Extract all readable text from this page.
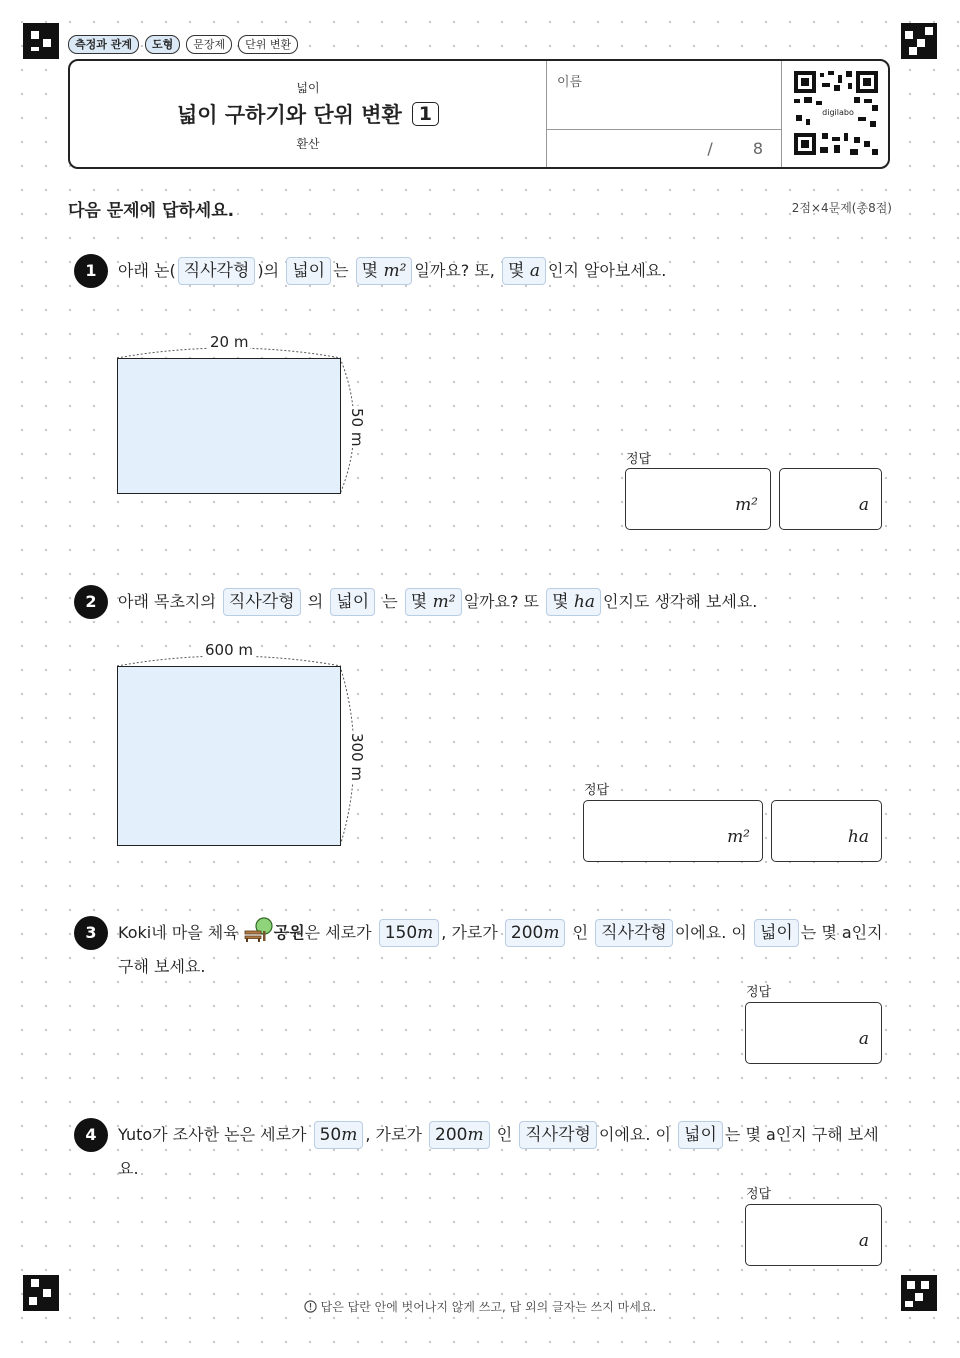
측정과 관계	도형	문장제	단위 변환
넓이
넓이 구하기와 단위 변환 1
환산
이름
/	8
digilabo
다음 문제에 답하세요.	2점×4문제(총8점)
1	아래 논( 직사각형 )의 넓이 는 몇 m² 일까요? 또, 몇 a 인지 알아보세요.
20 m
50 m
정답
m²	a
2	아래 목초지의 직사각형 의 넓이 는 몇 m² 일까요? 또 몇 ha 인지도 생각해 보세요.
600 m
300 m
정답
m²	ha
3	Koki네 마을 체육 공원은 세로가 150m , 가로가 200m 인 직사각형 이에요. 이 넓이 는 몇 a인지
구해 보세요.
정답
a
4	Yuto가 조사한 논은 세로가 50m , 가로가 200m 인 직사각형 이에요. 이 넓이 는 몇 a인지 구해 보세
요.
정답
a
답은 답란 안에 벗어나지 않게 쓰고, 답 외의 글자는 쓰지 마세요.
